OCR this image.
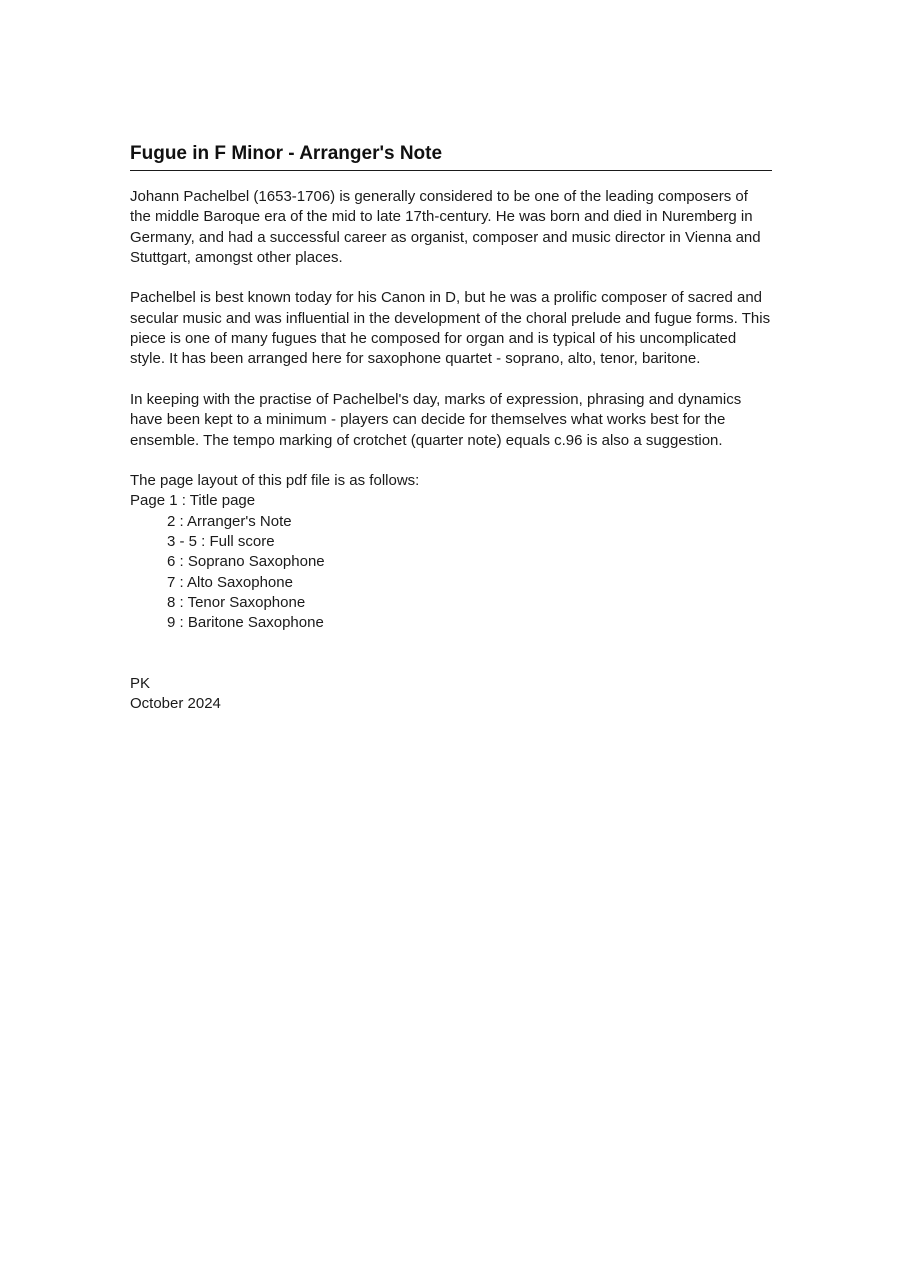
Fugue in F Minor - Arranger's Note

Johann Pachelbel (1653-1706) is generally considered to be one of the leading composers of the middle Baroque era of the mid to late 17th-century. He was born and died in Nuremberg in Germany, and had a successful career as organist, composer and music director in Vienna and Stuttgart, amongst other places.

Pachelbel is best known today for his Canon in D, but he was a prolific composer of sacred and secular music and was influential in the development of the choral prelude and fugue forms. This piece is one of many fugues that he composed for organ and is typical of his uncomplicated style. It has been arranged here for saxophone quartet - soprano, alto, tenor, baritone.

In keeping with the practise of Pachelbel's day, marks of expression, phrasing and dynamics have been kept to a minimum - players can decide for themselves what works best for the ensemble. The tempo marking of crotchet (quarter note) equals c.96 is also a suggestion.

The page layout of this pdf file is as follows:

Page 1 : Title page
2 : Arranger's Note
3 - 5 : Full score
6 : Soprano Saxophone
7 : Alto Saxophone
8 : Tenor Saxophone
9 : Baritone Saxophone
PK
October 2024
